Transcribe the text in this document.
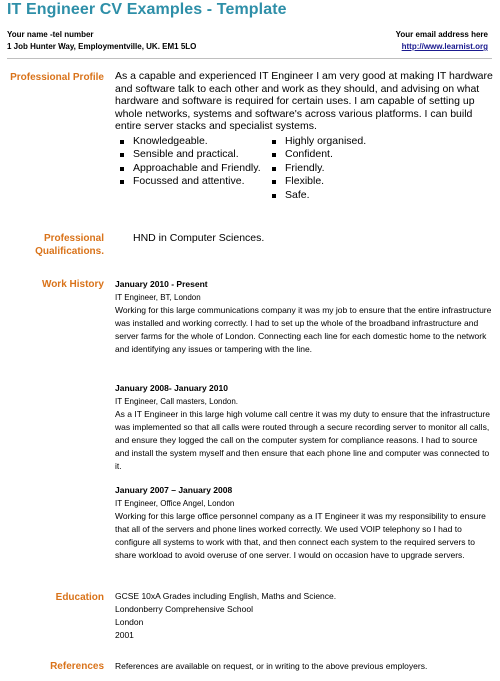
IT Engineer CV Examples - Template
Your name -tel number
1 Job Hunter Way, Employmentville, UK. EM1 5LO
Your email address here
http://www.learnist.org
Professional Profile As a capable and experienced IT Engineer I am very good at making IT hardware and software talk to each other and work as they should, and advising on what hardware and software is required for certain uses. I am capable of setting up whole networks, systems and software's across various platforms. I can build entire server stacks and specialist systems.
Knowledgeable.
Sensible and practical.
Approachable and Friendly.
Focussed and attentive.
Highly organised.
Confident.
Friendly.
Flexible.
Safe.
Professional
Qualifications.
HND in Computer Sciences.
Work History January 2010 - Present

IT Engineer, BT, London

Working for this large communications company it was my job to ensure that the entire infrastructure was installed and working correctly. I had to set up the whole of the broadband infrastructure and server farms for the whole of London. Connecting each line for each domestic home to the network and identifying any issues or tampering with the line.

January 2008- January 2010

IT Engineer, Call masters, London.

As a IT Engineer in this large high volume call centre it was my duty to ensure that the infrastructure was implemented so that all calls were routed through a secure recording server to monitor all calls, and ensure they logged the call on the computer system for compliance reasons. I had to source and install the system myself and then ensure that each phone line and computer was connected to it.

January 2007 – January 2008

IT Engineer, Office Angel, London

Working for this large office personnel company as a IT Engineer it was my responsibility to ensure that all of the servers and phone lines worked correctly. We used VOIP telephony so I had to configure all systems to work with that, and then connect each system to the required servers to share workload to avoid overuse of one server. I would on occasion have to upgrade servers.

Education GCSE 10xA Grades including English, Maths and Science.
Londonberry Comprehensive School
London
2001
References References are available on request, or in writing to the above previous employers.
